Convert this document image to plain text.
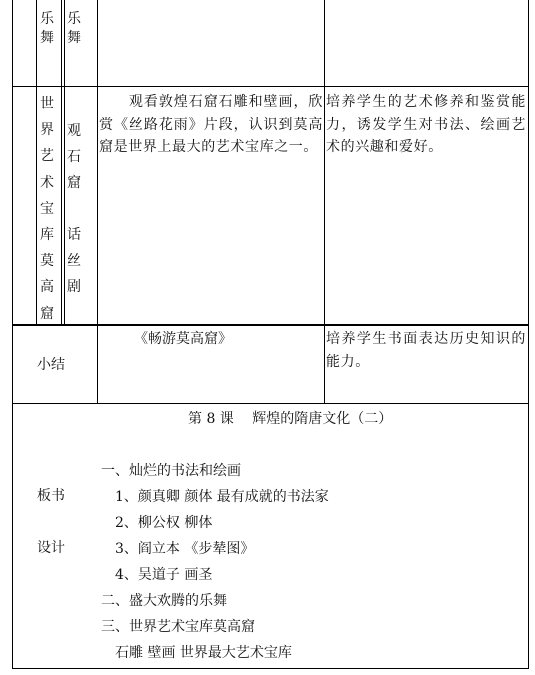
乐舞
乐舞
世界艺术宝库莫高窟
观石窟
话丝剧
　　观看敦煌石窟石雕和壁画，欣赏《丝路花雨》片段，认识到莫高窟是世界上最大的艺术宝库之一。
培养学生的艺术修养和鉴赏能力，诱发学生对书法、绘画艺术的兴趣和爱好。
小结
《畅游莫高窟》	培养学生书面表达历史知识的能力。
板书
设计
第 8 课　 辉煌的隋唐文化（二）
一、灿烂的书法和绘画
　1、颜真卿 颜体 最有成就的书法家
　2、柳公权 柳体
　3、阎立本 《步辇图》
　4、吴道子 画圣
二、盛大欢腾的乐舞
三、世界艺术宝库莫高窟
　石雕 壁画 世界最大艺术宝库
